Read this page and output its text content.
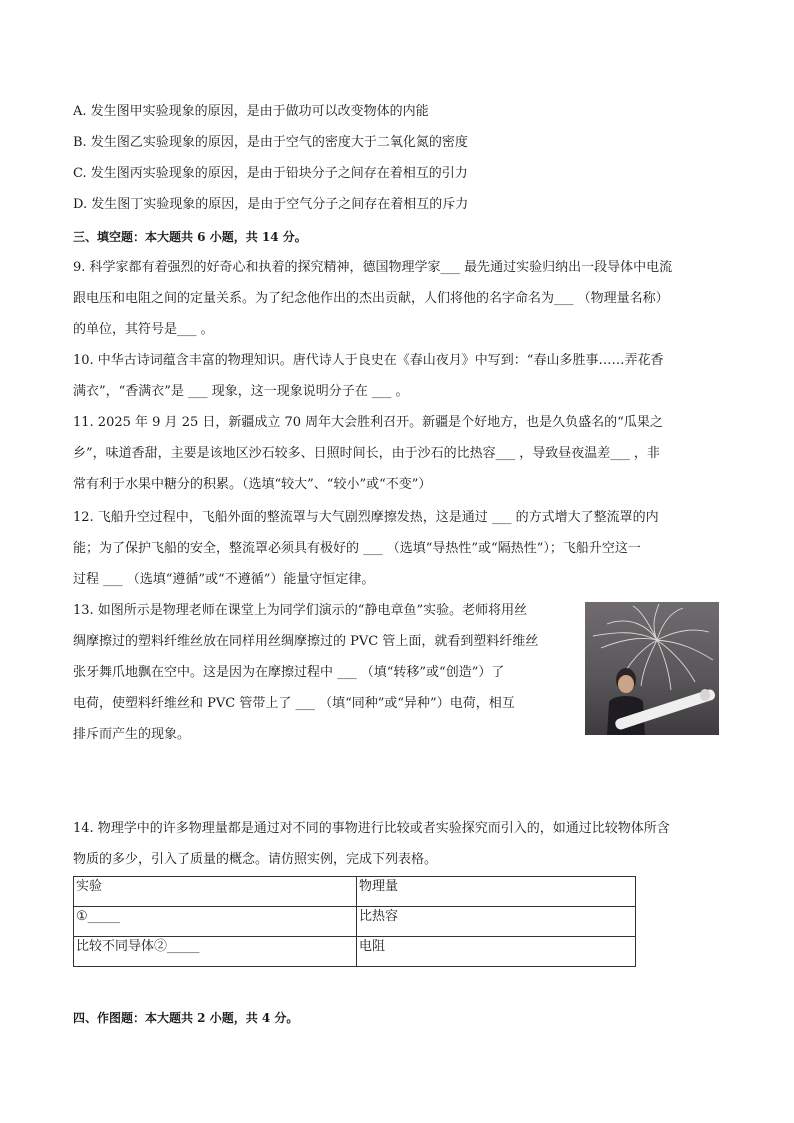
A. 发生图甲实验现象的原因，是由于做功可以改变物体的内能
B. 发生图乙实验现象的原因，是由于空气的密度大于二氧化氮的密度
C. 发生图丙实验现象的原因，是由于铅块分子之间存在着相互的引力
D. 发生图丁实验现象的原因，是由于空气分子之间存在着相互的斥力
三、填空题：本大题共 6 小题，共 14 分。
9. 科学家都有着强烈的好奇心和执着的探究精神，德国物理学家___ 最先通过实验归纳出一段导体中电流
跟电压和电阻之间的定量关系。为了纪念他作出的杰出贡献，人们将他的名字命名为___ （物理量名称）
的单位，其符号是___ 。
10. 中华古诗词蕴含丰富的物理知识。唐代诗人于良史在《春山夜月》中写到：“春山多胜事……弄花香
满衣”，“香满衣”是 ___ 现象，这一现象说明分子在 ___ 。
11. 2025 年 9 月 25 日，新疆成立 70 周年大会胜利召开。新疆是个好地方，也是久负盛名的“瓜果之
乡”，味道香甜，主要是该地区沙石较多、日照时间长，由于沙石的比热容___ ，导致昼夜温差___ ，非
常有利于水果中糖分的积累。（选填“较大”、“较小”或“不变”）
12. 飞船升空过程中，飞船外面的整流罩与大气剧烈摩擦发热，这是通过 ___ 的方式增大了整流罩的内
能；为了保护飞船的安全，整流罩必须具有极好的 ___ （选填“导热性”或“隔热性”）；飞船升空这一
过程 ___ （选填“遵循”或“不遵循”）能量守恒定律。
13. 如图所示是物理老师在课堂上为同学们演示的“静电章鱼”实验。老师将用丝
绸摩擦过的塑料纤维丝放在同样用丝绸摩擦过的 PVC 管上面，就看到塑料纤维丝
张牙舞爪地飘在空中。这是因为在摩擦过程中 ___ （填“转移”或“创造”）了
电荷，使塑料纤维丝和 PVC 管带上了 ___ （填“同种”或“异种”）电荷，相互
排斥而产生的现象。
14. 物理学中的许多物理量都是通过对不同的事物进行比较或者实验探究而引入的，如通过比较物体所含
物质的多少，引入了质量的概念。请仿照实例，完成下列表格。
实验	物理量
①_____	比热容
比较不同导体②_____	电阻
四、作图题：本大题共 2 小题，共 4 分。
